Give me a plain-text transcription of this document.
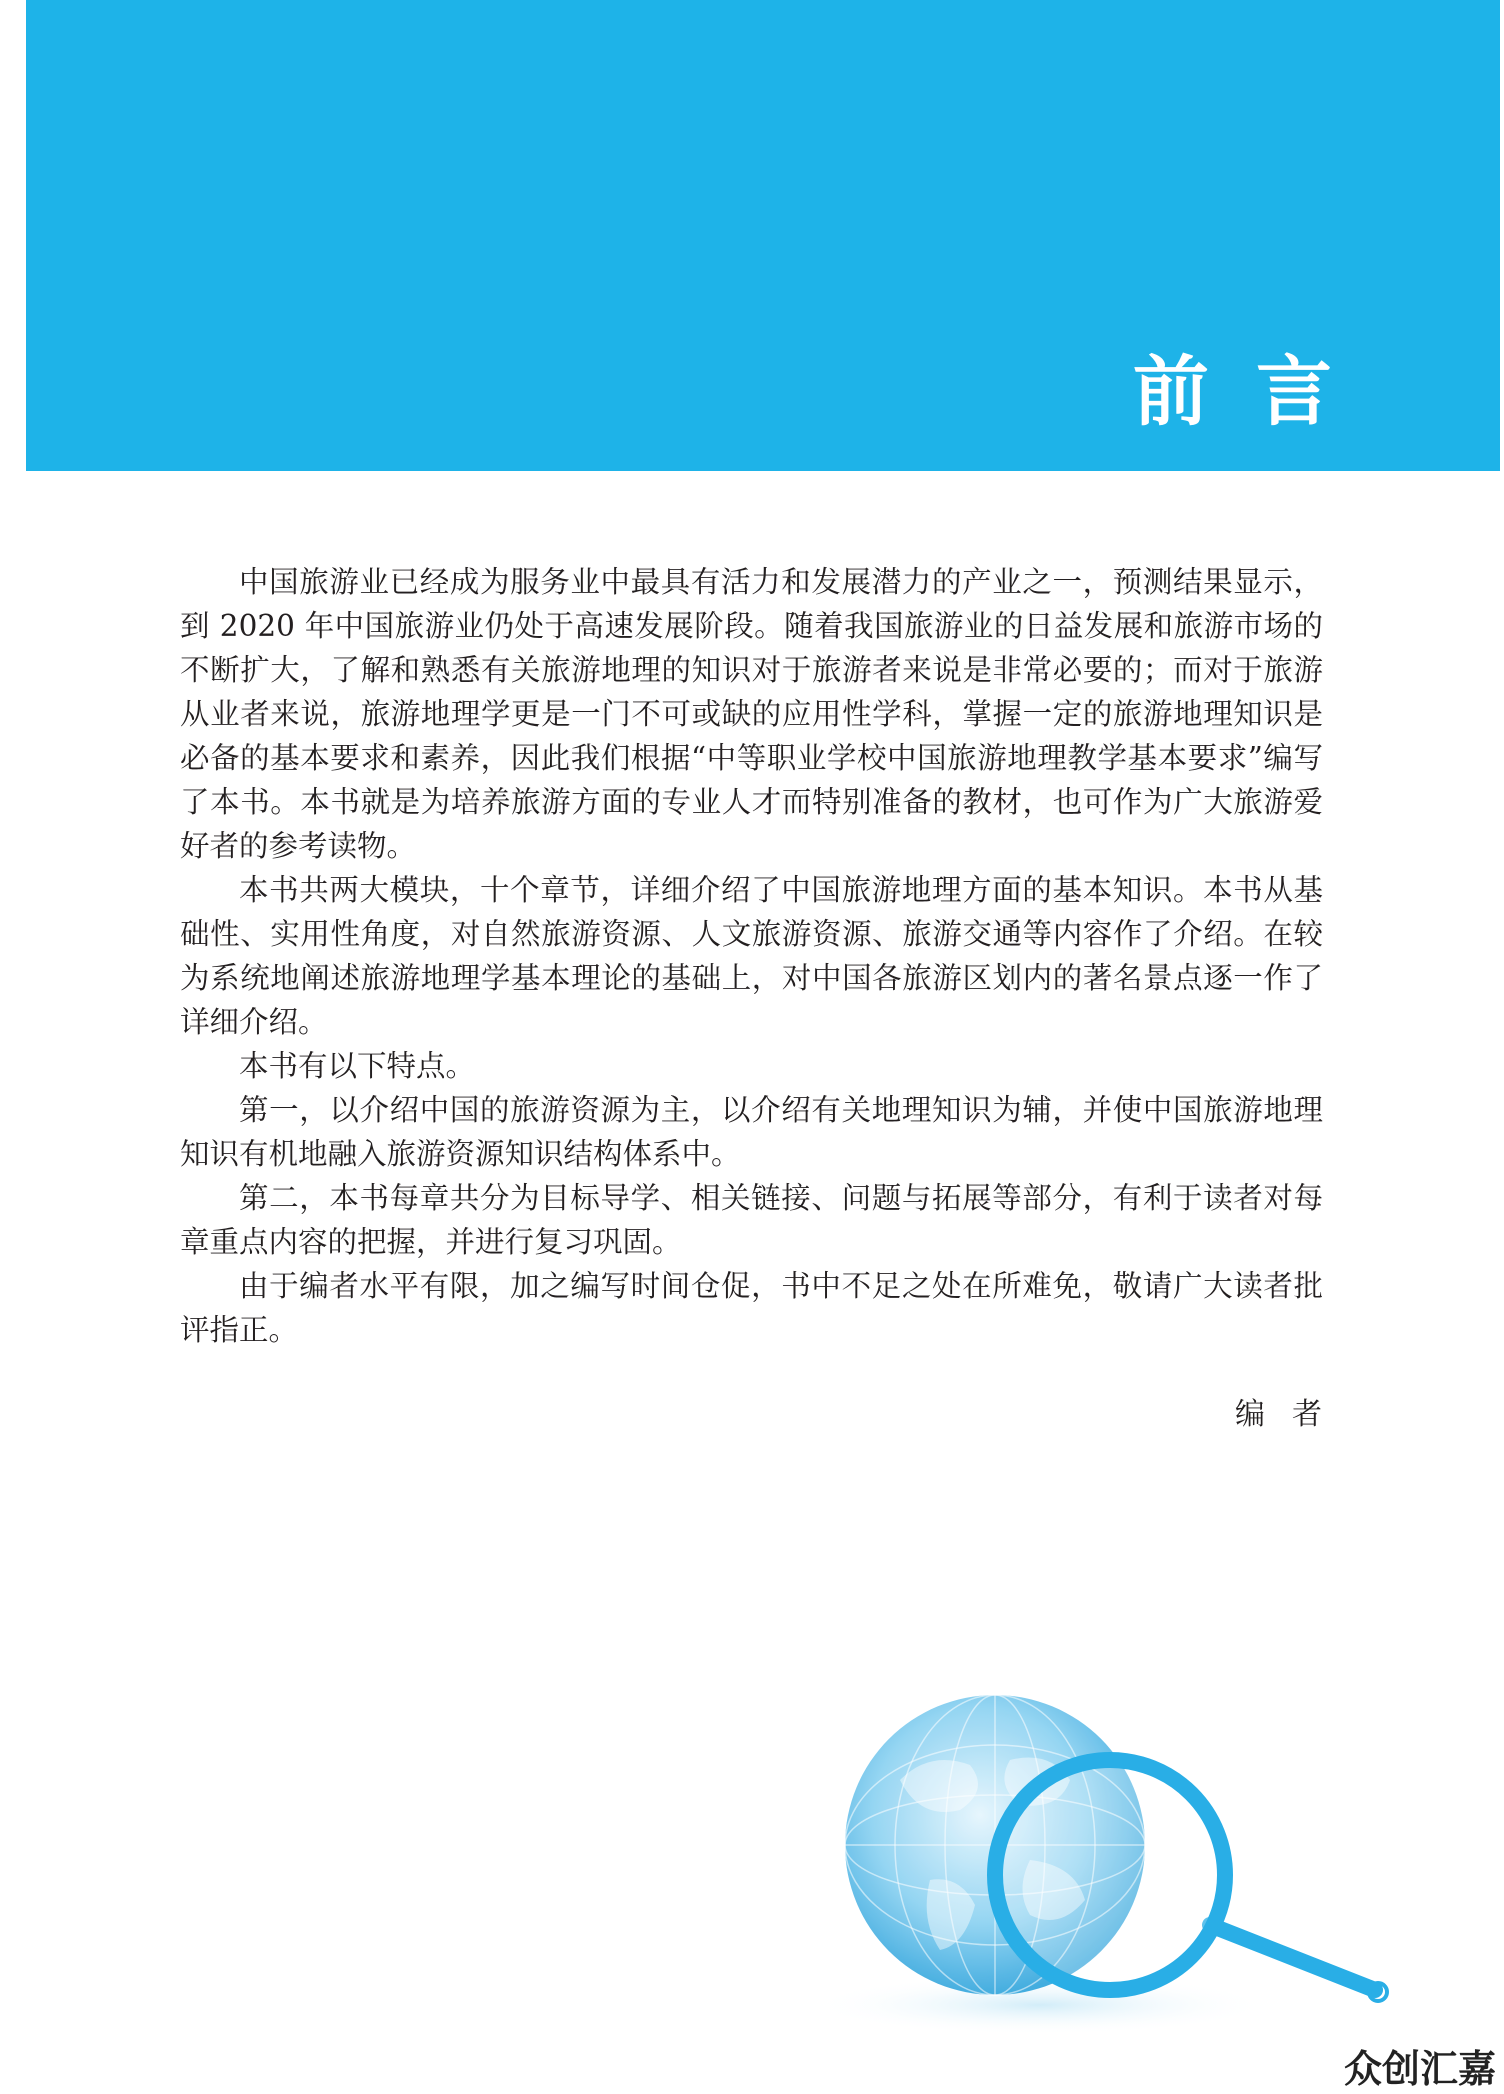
前言

中国旅游业已经成为服务业中最具有活力和发展潜力的产业之一，预测结果显示，到 2020 年中国旅游业仍处于高速发展阶段。随着我国旅游业的日益发展和旅游市场的不断扩大，了解和熟悉有关旅游地理的知识对于旅游者来说是非常必要的；而对于旅游从业者来说，旅游地理学更是一门不可或缺的应用性学科，掌握一定的旅游地理知识是必备的基本要求和素养，因此我们根据“中等职业学校中国旅游地理教学基本要求”编写了本书。本书就是为培养旅游方面的专业人才而特别准备的教材，也可作为广大旅游爱好者的参考读物。

本书共两大模块，十个章节，详细介绍了中国旅游地理方面的基本知识。本书从基础性、实用性角度，对自然旅游资源、人文旅游资源、旅游交通等内容作了介绍。在较为系统地阐述旅游地理学基本理论的基础上，对中国各旅游区划内的著名景点逐一作了详细介绍。

本书有以下特点。

第一，以介绍中国的旅游资源为主，以介绍有关地理知识为辅，并使中国旅游地理知识有机地融入旅游资源知识结构体系中。

第二，本书每章共分为目标导学、相关链接、问题与拓展等部分，有利于读者对每章重点内容的把握，并进行复习巩固。

由于编者水平有限，加之编写时间仓促，书中不足之处在所难免，敬请广大读者批评指正。

编者
众创汇嘉
